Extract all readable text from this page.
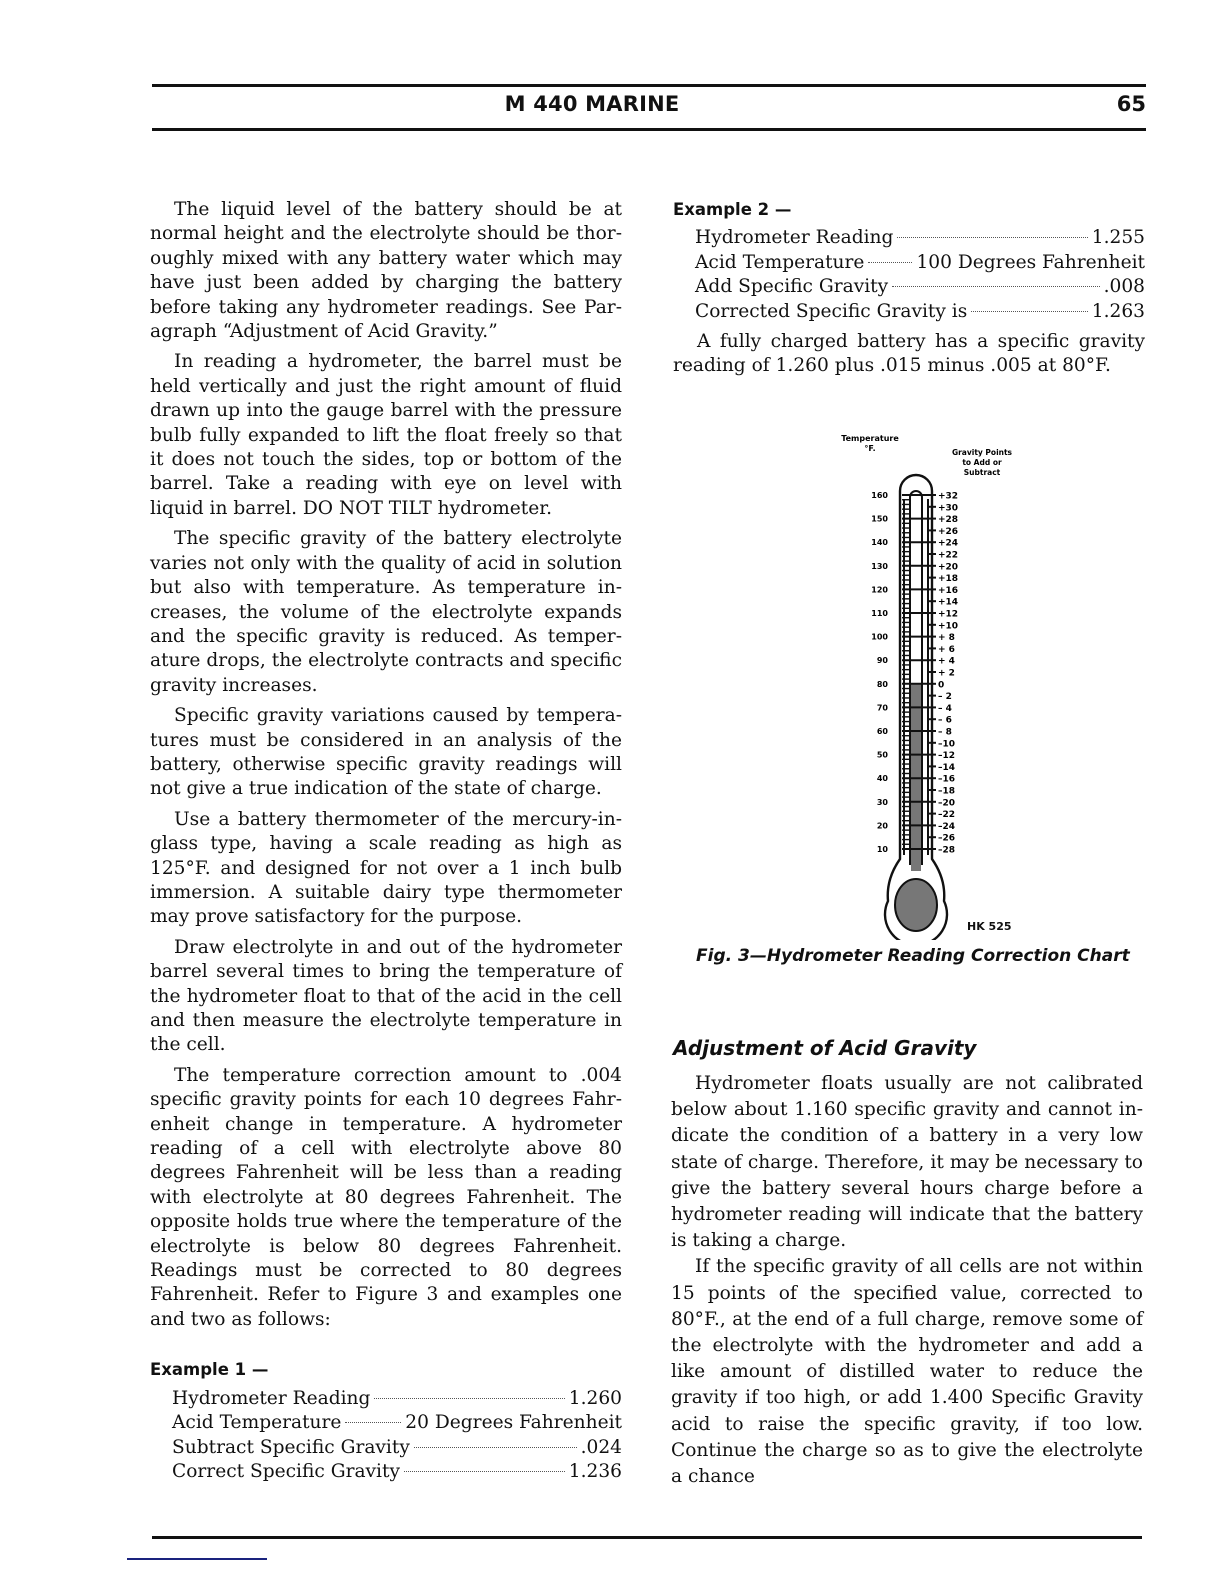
M 440 MARINE	65

The liquid level of the battery should be at normal height and the electrolyte should be thoroughly mixed with any battery water which may have just been added by charging the battery before taking any hydrometer readings. See Paragraph “Adjustment of Acid Gravity.”

In reading a hydrometer, the barrel must be held vertically and just the right amount of fluid drawn up into the gauge barrel with the pressure bulb fully expanded to lift the float freely so that it does not touch the sides, top or bottom of the barrel. Take a reading with eye on level with liquid in barrel. DO NOT TILT hydrometer.

The specific gravity of the battery electrolyte varies not only with the quality of acid in solution but also with temperature. As temperature increases, the volume of the electrolyte expands and the specific gravity is reduced. As temperature drops, the electrolyte contracts and specific gravity increases.

Specific gravity variations caused by temperatures must be considered in an analysis of the battery, otherwise specific gravity readings will not give a true indication of the state of charge.

Use a battery thermometer of the mercury-in-glass type, having a scale reading as high as 125°F. and designed for not over a 1 inch bulb immersion. A suitable dairy type thermometer may prove satisfactory for the purpose.

Draw electrolyte in and out of the hydrometer barrel several times to bring the temperature of the hydrometer float to that of the acid in the cell and then measure the electrolyte temperature in the cell.

The temperature correction amount to .004 specific gravity points for each 10 degrees Fahrenheit change in temperature. A hydrometer reading of a cell with electrolyte above 80 degrees Fahrenheit will be less than a reading with electrolyte at 80 degrees Fahrenheit. The opposite holds true where the temperature of the electrolyte is below 80 degrees Fahrenheit. Readings must be corrected to 80 degrees Fahrenheit. Refer to Figure 3 and examples one and two as follows:

Example 1 —
Hydrometer Reading	1.260
Acid Temperature	20 Degrees Fahrenheit
Subtract Specific Gravity	.024
Correct Specific Gravity	1.236
Example 2 —
Hydrometer Reading	1.255
Acid Temperature	100 Degrees Fahrenheit
Add Specific Gravity	.008
Corrected Specific Gravity is	1.263

A fully charged battery has a specific gravity reading of 1.260 plus .015 minus .005 at 80°F.

Temperature
°F.	Gravity Points
to Add or
Subtract
160
150
140
130
120
110
100
90
80
70
60
50
40
30
20
10
+32
+30
+28
+26
+24
+22
+20
+18
+16
+14
+12
+10
+ 8
+ 6
+ 4
+ 2
0
– 2
– 4
– 6
– 8
–10
–12
–14
–16
–18
–20
–22
–24
–26
–28
HK 525
Fig. 3—Hydrometer Reading Correction Chart
Adjustment of Acid Gravity

Hydrometer floats usually are not calibrated below about 1.160 specific gravity and cannot indicate the condition of a battery in a very low state of charge. Therefore, it may be necessary to give the battery several hours charge before a hydrometer reading will indicate that the battery is taking a charge.

If the specific gravity of all cells are not within 15 points of the specified value, corrected to 80°F., at the end of a full charge, remove some of the electrolyte with the hydrometer and add a like amount of distilled water to reduce the gravity if too high, or add 1.400 Specific Gravity acid to raise the specific gravity, if too low. Continue the charge so as to give the electrolyte a chance
